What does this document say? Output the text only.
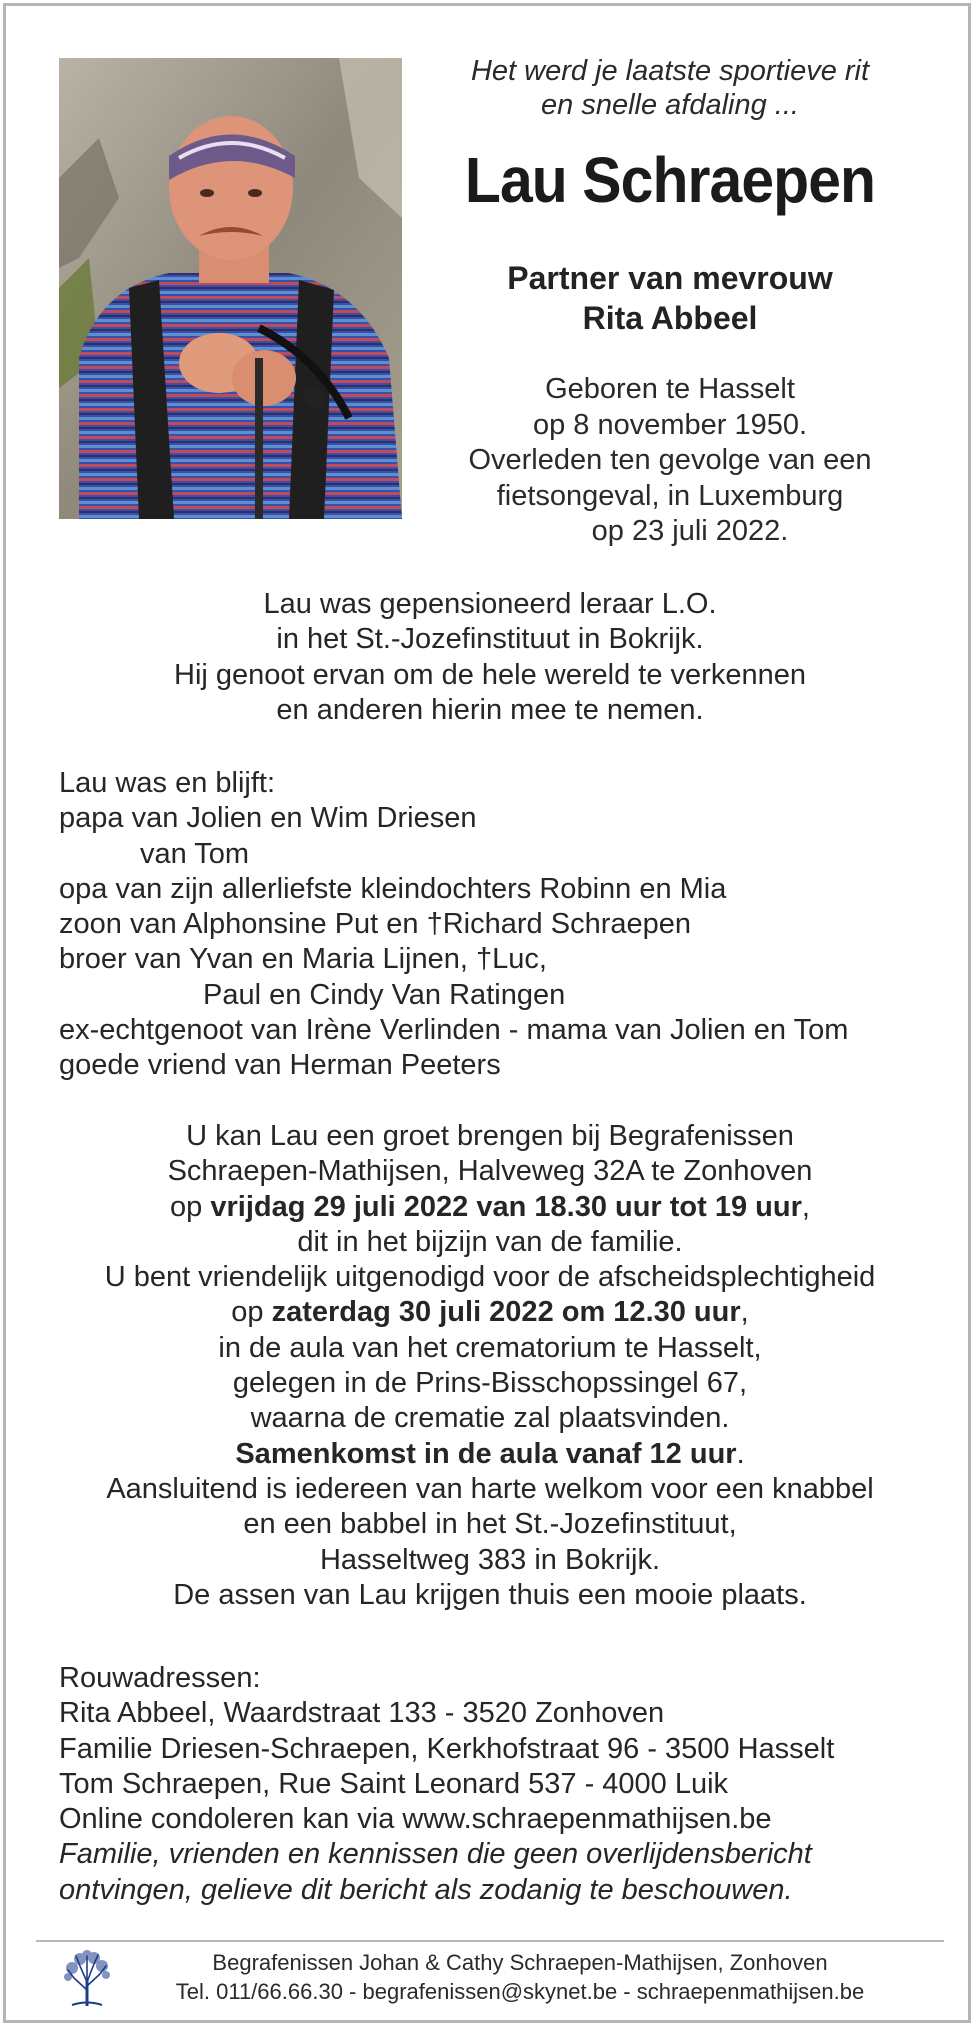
Het werd je laatste sportieve rit
en snelle afdaling ...
Lau Schraepen
Partner van mevrouw
Rita Abbeel
Geboren te Hasselt
op 8 november 1950.
Overleden ten gevolge van een
fietsongeval, in Luxemburg
op 23 juli 2022.
Lau was gepensioneerd leraar L.O.
in het St.-Jozefinstituut in Bokrijk.
Hij genoot ervan om de hele wereld te verkennen
en anderen hierin mee te nemen.
Lau was en blijft:
papa van Jolien en Wim Driesen
van Tom
opa van zijn allerliefste kleindochters Robinn en Mia
zoon van Alphonsine Put en †Richard Schraepen
broer van Yvan en Maria Lijnen, †Luc,
Paul en Cindy Van Ratingen
ex-echtgenoot van Irène Verlinden - mama van Jolien en Tom
goede vriend van Herman Peeters
U kan Lau een groet brengen bij Begrafenissen
Schraepen-Mathijsen, Halveweg 32A te Zonhoven
op vrijdag 29 juli 2022 van 18.30 uur tot 19 uur,
dit in het bijzijn van de familie.
U bent vriendelijk uitgenodigd voor de afscheidsplechtigheid
op zaterdag 30 juli 2022 om 12.30 uur,
in de aula van het crematorium te Hasselt,
gelegen in de Prins-Bisschopssingel 67,
waarna de crematie zal plaatsvinden.
Samenkomst in de aula vanaf 12 uur.
Aansluitend is iedereen van harte welkom voor een knabbel
en een babbel in het St.-Jozefinstituut,
Hasseltweg 383 in Bokrijk.
De assen van Lau krijgen thuis een mooie plaats.
Rouwadressen:
Rita Abbeel, Waardstraat 133 - 3520 Zonhoven
Familie Driesen-Schraepen, Kerkhofstraat 96 - 3500 Hasselt
Tom Schraepen, Rue Saint Leonard 537 - 4000 Luik
Online condoleren kan via www.schraepenmathijsen.be
Familie, vrienden en kennissen die geen overlijdensbericht
ontvingen, gelieve dit bericht als zodanig te beschouwen.
Begrafenissen Johan & Cathy Schraepen-Mathijsen, Zonhoven
Tel. 011/66.66.30 - begrafenissen@skynet.be - schraepenmathijsen.be
